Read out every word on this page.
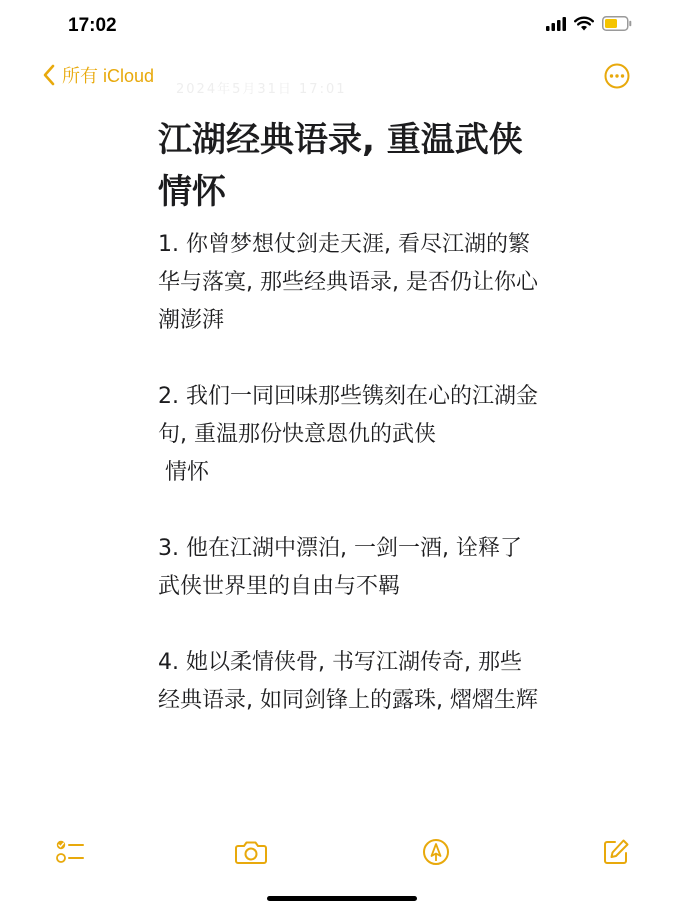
17:02
所有 iCloud
2024年5月31日 17:01
江湖经典语录, 重温武侠情怀

1. 你曾梦想仗剑走天涯, 看尽江湖的繁华与落寞, 那些经典语录, 是否仍让你心潮澎湃

2. 我们一同回味那些镌刻在心的江湖金句, 重温那份快意恩仇的武侠
情怀

3. 他在江湖中漂泊, 一剑一酒, 诠释了武侠世界里的自由与不羁

4. 她以柔情侠骨, 书写江湖传奇, 那些经典语录, 如同剑锋上的露珠, 熠熠生辉
